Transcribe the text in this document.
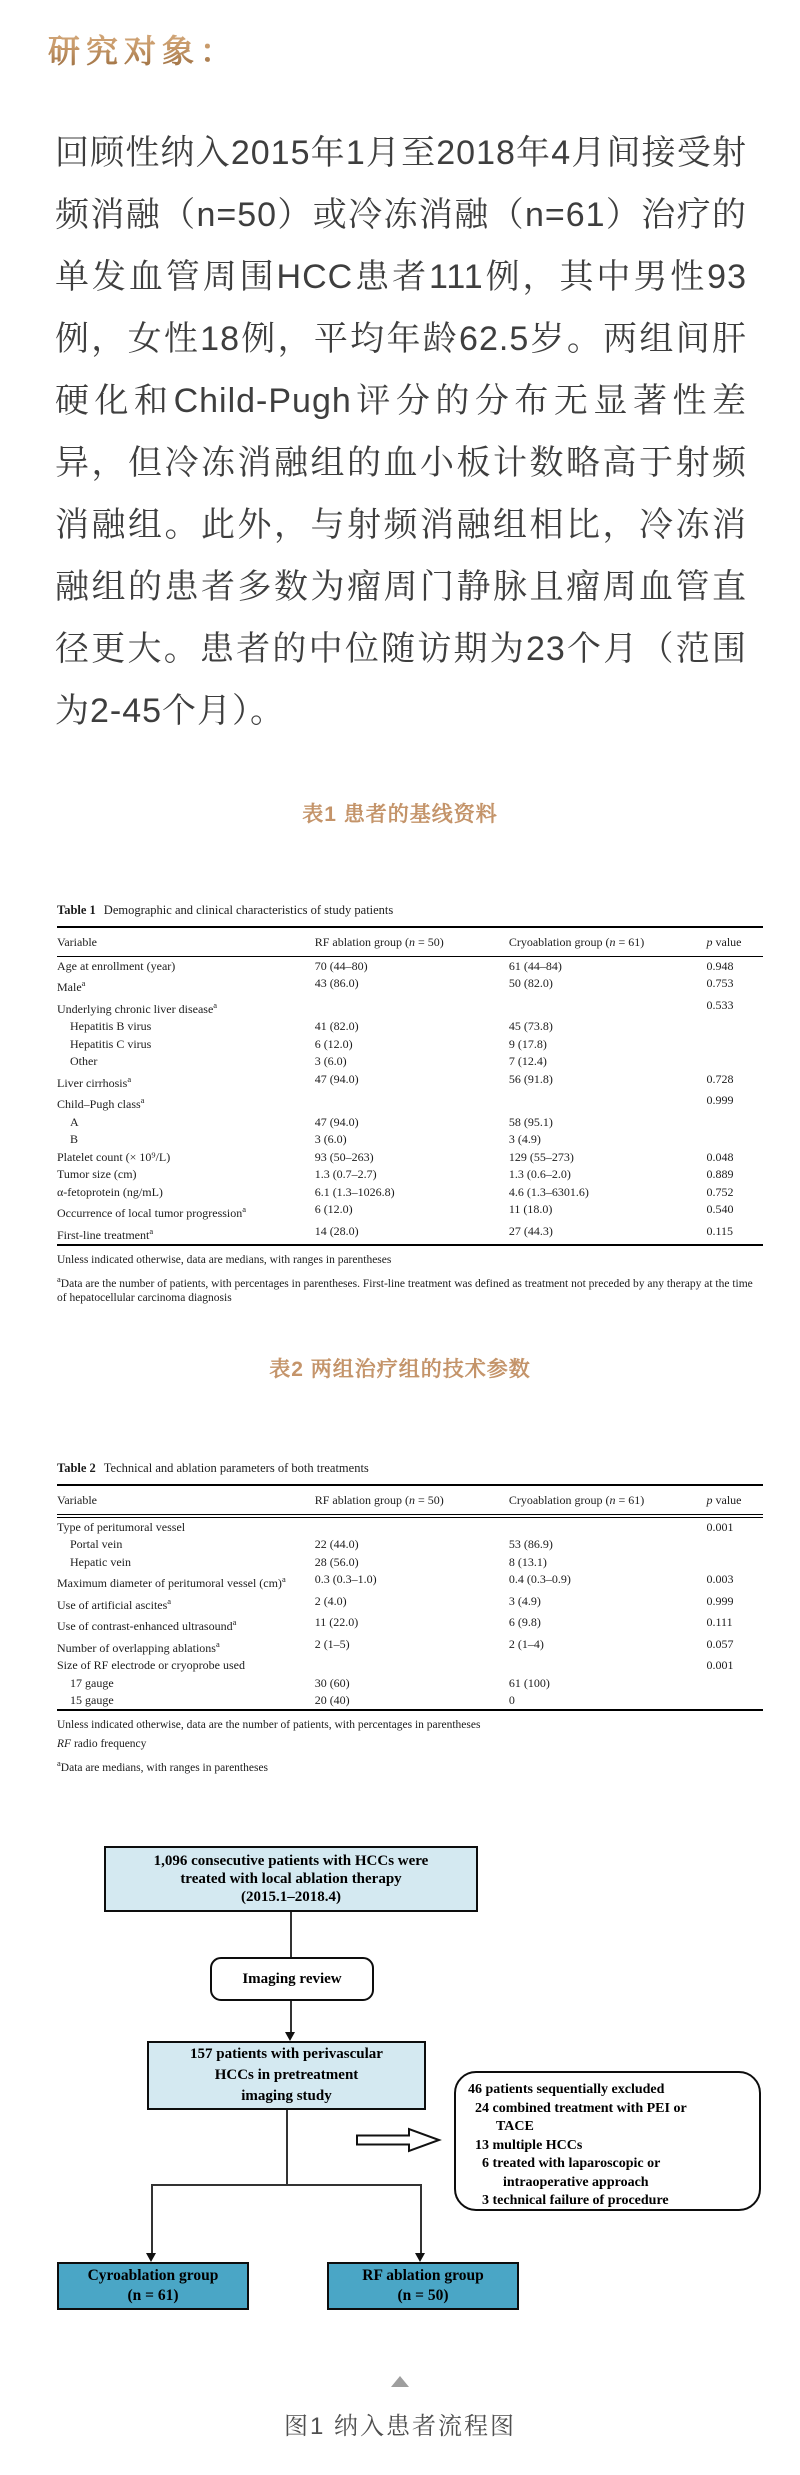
研究对象：

回顾性纳入2015年1月至2018年4月间接受射频消融（n=50）或冷冻消融（n=61）治疗的单发血管周围HCC患者111例，其中男性93例，女性18例，平均年龄62.5岁。两组间肝硬化和Child-Pugh评分的分布无显著性差异，但冷冻消融组的血小板计数略高于射频消融组。此外，与射频消融组相比，冷冻消融组的患者多数为瘤周门静脉且瘤周血管直径更大。患者的中位随访期为23个月（范围为2-45个月）。

表1 患者的基线资料
Table 1 Demographic and clinical characteristics of study patients
Variable	RF ablation group (n = 50)	Cryoablation group (n = 61)	p value
Age at enrollment (year)	70 (44–80)	61 (44–84)	0.948
Male$^a$	43 (86.0)	50 (82.0)	0.753
Underlying chronic liver disease$^a$			0.533
Hepatitis B virus	41 (82.0)	45 (73.8)	
Hepatitis C virus	6 (12.0)	9 (17.8)	
Other	3 (6.0)	7 (12.4)	
Liver cirrhosis$^a$	47 (94.0)	56 (91.8)	0.728
Child–Pugh class$^a$			0.999
A	47 (94.0)	58 (95.1)	
B	3 (6.0)	3 (4.9)	
Platelet count (× 10⁹/L)	93 (50–263)	129 (55–273)	0.048
Tumor size (cm)	1.3 (0.7–2.7)	1.3 (0.6–2.0)	0.889
α-fetoprotein (ng/mL)	6.1 (1.3–1026.8)	4.6 (1.3–6301.6)	0.752
Occurrence of local tumor progression$^a$	6 (12.0)	11 (18.0)	0.540
First-line treatment$^a$	14 (28.0)	27 (44.3)	0.115
Unless indicated otherwise, data are medians, with ranges in parentheses
$^a$Data are the number of patients, with percentages in parentheses. First-line treatment was defined as treatment not preceded by any therapy at the time of hepatocellular carcinoma diagnosis
表2 两组治疗组的技术参数
Table 2 Technical and ablation parameters of both treatments
Variable	RF ablation group (n = 50)	Cryoablation group (n = 61)	p value
Type of peritumoral vessel			0.001
Portal vein	22 (44.0)	53 (86.9)	
Hepatic vein	28 (56.0)	8 (13.1)	
Maximum diameter of peritumoral vessel (cm)$^a$	0.3 (0.3–1.0)	0.4 (0.3–0.9)	0.003
Use of artificial ascites$^a$	2 (4.0)	3 (4.9)	0.999
Use of contrast-enhanced ultrasound$^a$	11 (22.0)	6 (9.8)	0.111
Number of overlapping ablations$^a$	2 (1–5)	2 (1–4)	0.057
Size of RF electrode or cryoprobe used			0.001
17 gauge	30 (60)	61 (100)	
15 gauge	20 (40)	0	
Unless indicated otherwise, data are the number of patients, with percentages in parentheses
RF radio frequency
$^a$Data are medians, with ranges in parentheses
1,096 consecutive patients with HCCs were
treated with local ablation therapy
(2015.1–2018.4)
Imaging review
157 patients with perivascular
HCCs in pretreatment
imaging study	46 patients sequentially excluded
24 combined treatment with PEI or
TACE
13 multiple HCCs
6 treated with laparoscopic or
intraoperative approach
3 technical failure of procedure
Cyroablation group
(n = 61)
RF ablation group
(n = 50)

图1 纳入患者流程图
